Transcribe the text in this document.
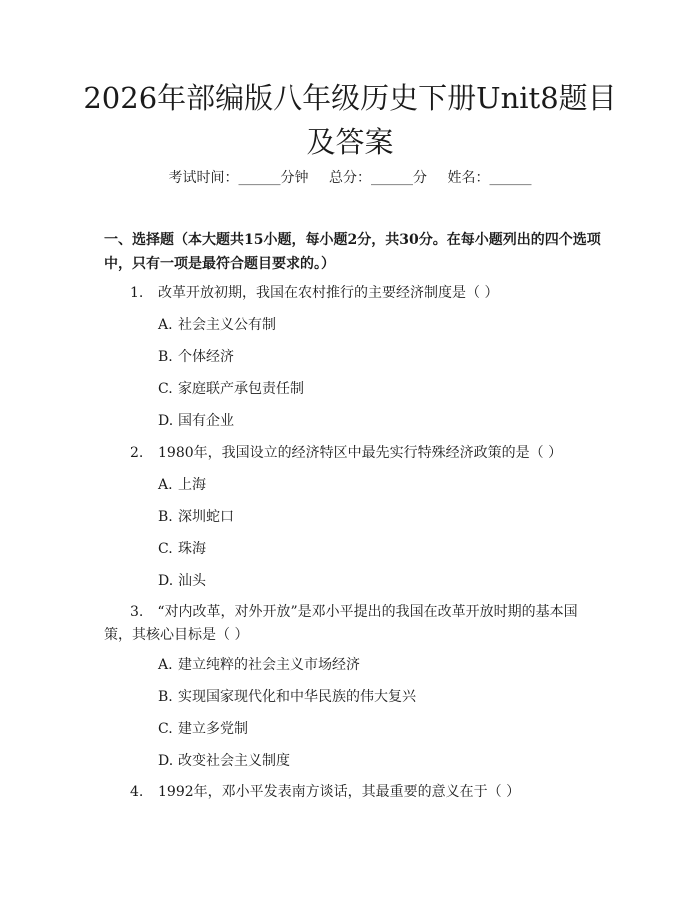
2026年部编版八年级历史下册Unit8题目及答案
考试时间：______分钟 总分：______分 姓名：______

一、选择题（本大题共15小题，每小题2分，共30分。在每小题列出的四个选项中，只有一项是最符合题目要求的。）

1.	改革开放初期，我国在农村推行的主要经济制度是（ ）
A. 社会主义公有制
B. 个体经济
C. 家庭联产承包责任制
D. 国有企业
2.	1980年，我国设立的经济特区中最先实行特殊经济政策的是（ ）
A. 上海
B. 深圳蛇口
C. 珠海
D. 汕头
3. “对内改革，对外开放”是邓小平提出的我国在改革开放时期的基本国策，其核心目标是（ ）
A. 建立纯粹的社会主义市场经济
B. 实现国家现代化和中华民族的伟大复兴
C. 建立多党制
D. 改变社会主义制度
4.	1992年，邓小平发表南方谈话，其最重要的意义在于（ ）
